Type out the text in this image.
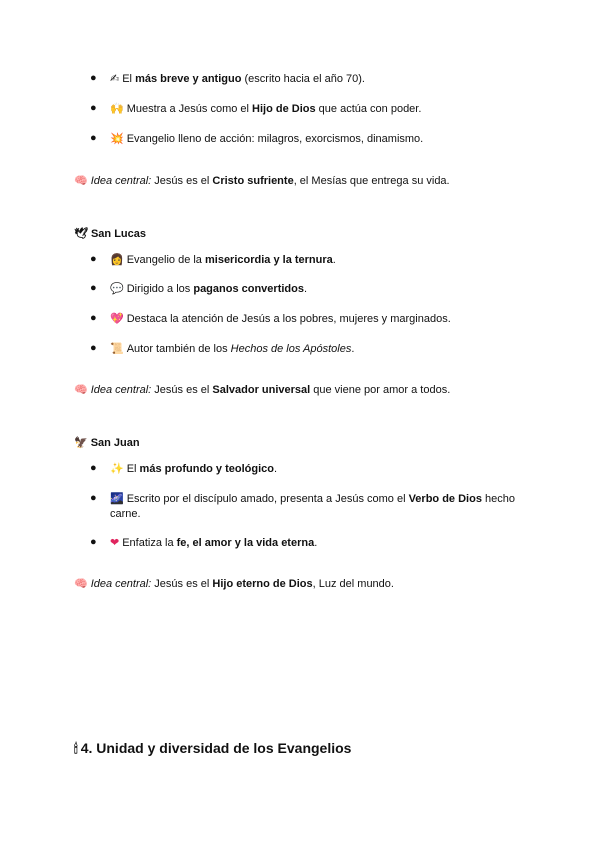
● ✍ El más breve y antiguo (escrito hacia el año 70).
● 🙌 Muestra a Jesús como el Hijo de Dios que actúa con poder.
● 💥 Evangelio lleno de acción: milagros, exorcismos, dinamismo.
🧠 Idea central: Jesús es el Cristo sufriente, el Mesías que entrega su vida.
🕊 San Lucas
● 👩 Evangelio de la misericordia y la ternura.
● 💬 Dirigido a los paganos convertidos.
● 💖 Destaca la atención de Jesús a los pobres, mujeres y marginados.
● 📜 Autor también de los Hechos de los Apóstoles.
🧠 Idea central: Jesús es el Salvador universal que viene por amor a todos.
🦅 San Juan
● ✨ El más profundo y teológico.
● 🌌 Escrito por el discípulo amado, presenta a Jesús como el Verbo de Dios hecho carne.
● ❤ Enfatiza la fe, el amor y la vida eterna.
🧠 Idea central: Jesús es el Hijo eterno de Dios, Luz del mundo.
🕯 4. Unidad y diversidad de los Evangelios
